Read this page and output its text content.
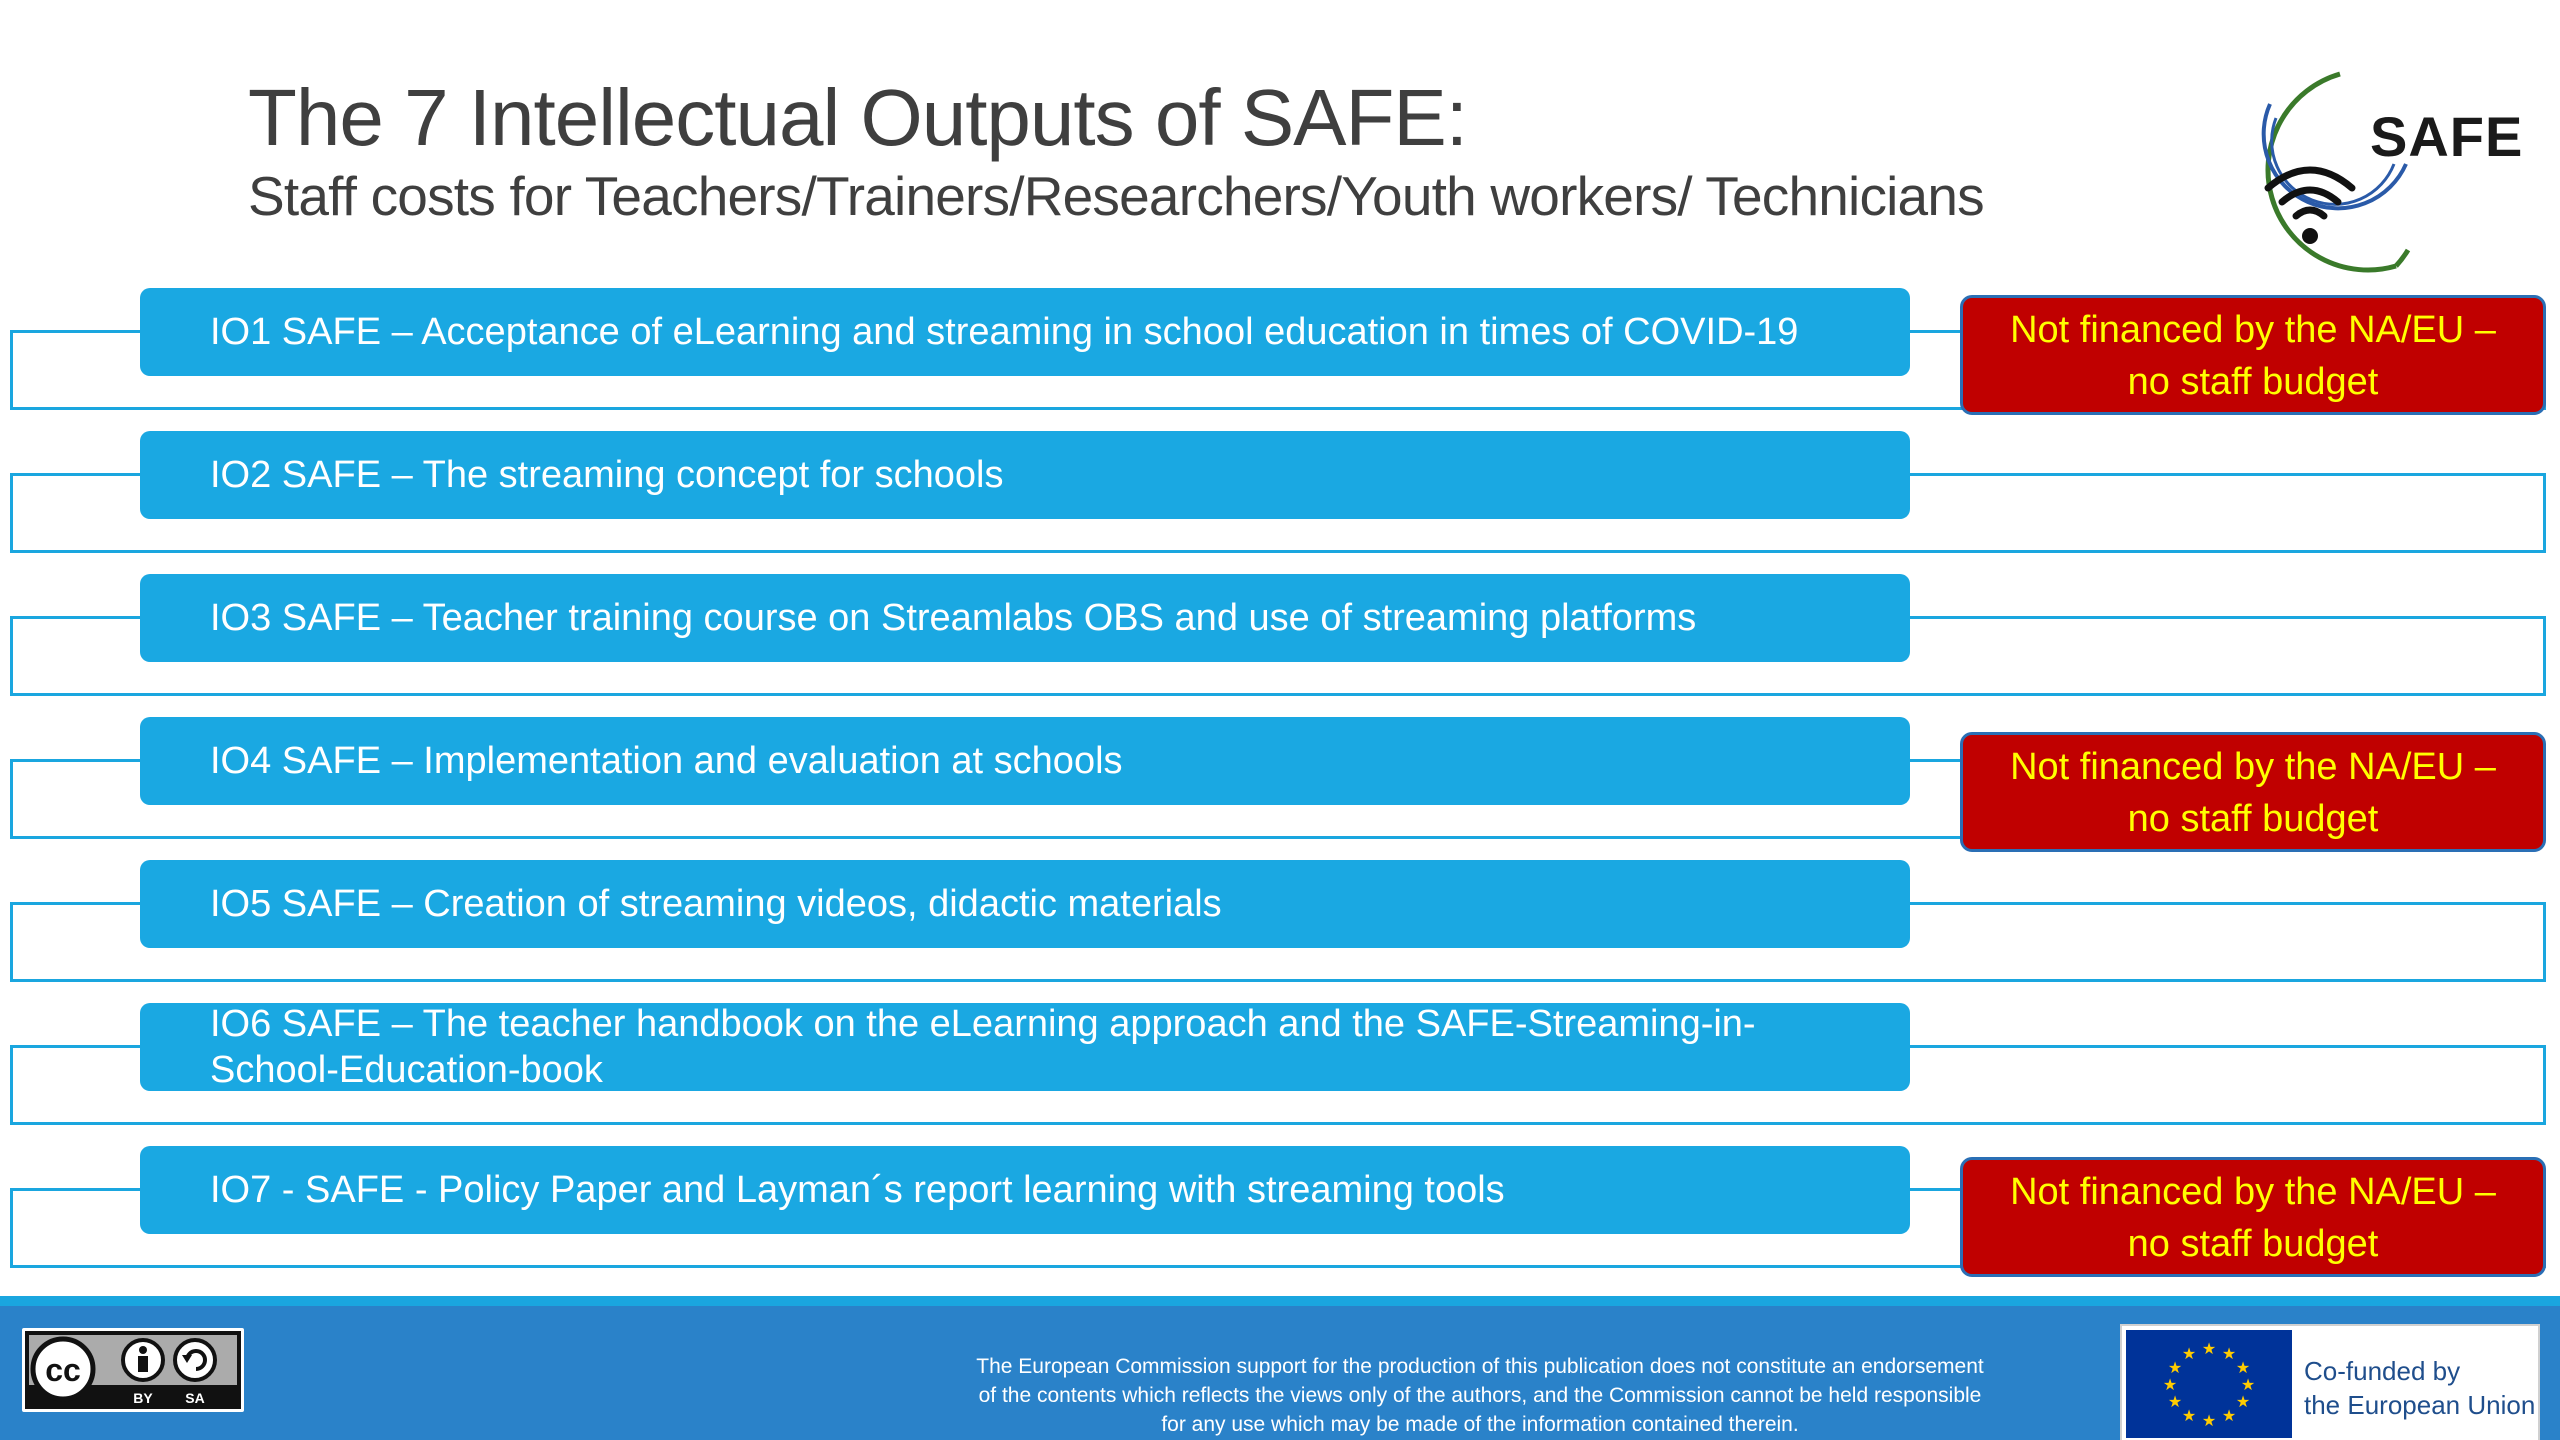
The 7 Intellectual Outputs of SAFE:
Staff costs for Teachers/Trainers/Researchers/Youth workers/ Technicians
SAFE
IO1 SAFE – Acceptance of eLearning and streaming in school education in times of COVID-19
IO2 SAFE – The streaming concept for schools
IO3 SAFE – Teacher training course on Streamlabs OBS and use of streaming platforms
IO4 SAFE – Implementation and evaluation at schools
IO5 SAFE – Creation of streaming videos, didactic materials
IO6 SAFE – The teacher handbook on the eLearning approach and the SAFE-Streaming-in-School-Education-book
IO7 - SAFE - Policy Paper and Layman´s report learning with streaming tools
Not financed by the NA/EU –
no staff budget
Not financed by the NA/EU –
no staff budget
Not financed by the NA/EU –
no staff budget
cc
BY SA
The European Commission support for the production of this publication does not constitute an endorsement
of the contents which reflects the views only of the authors, and the Commission cannot be held responsible
for any use which may be made of the information contained therein.
★ ★
★
★
★
★
★
★
★
★
★
★
Co-funded by
the European Union
